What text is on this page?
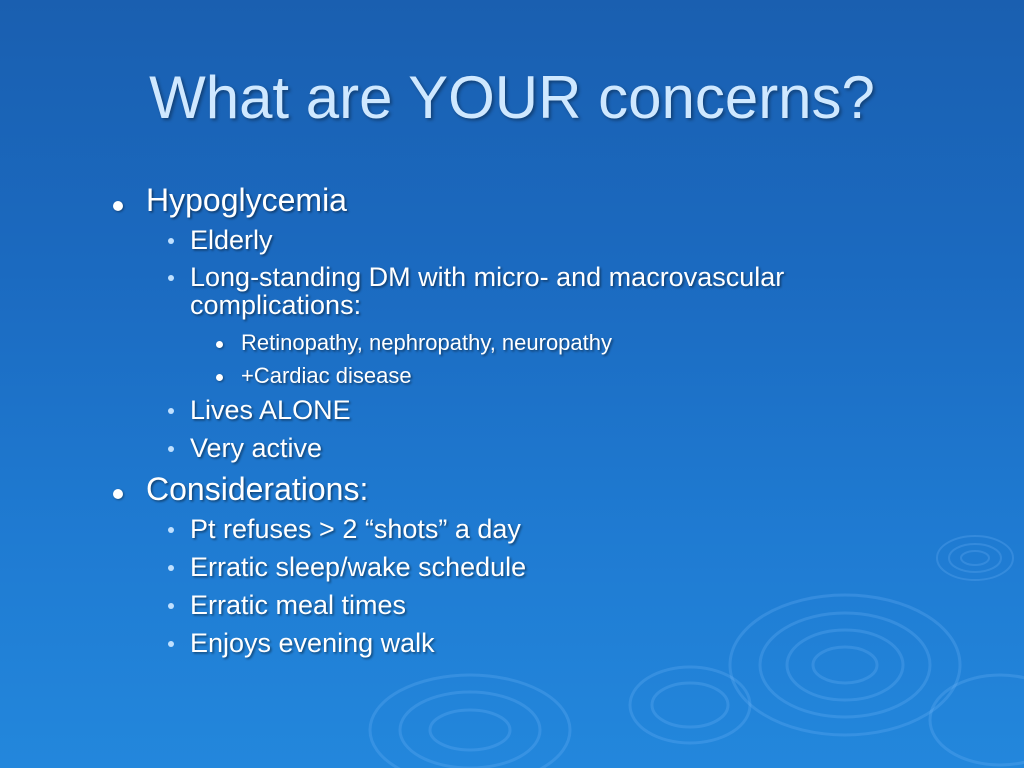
What are YOUR concerns?
Hypoglycemia
Elderly
Long-standing DM with micro- and macrovascular
complications:
Retinopathy, nephropathy, neuropathy
+Cardiac disease
Lives ALONE
Very active
Considerations:
Pt refuses > 2 “shots” a day
Erratic sleep/wake schedule
Erratic meal times
Enjoys evening walk
